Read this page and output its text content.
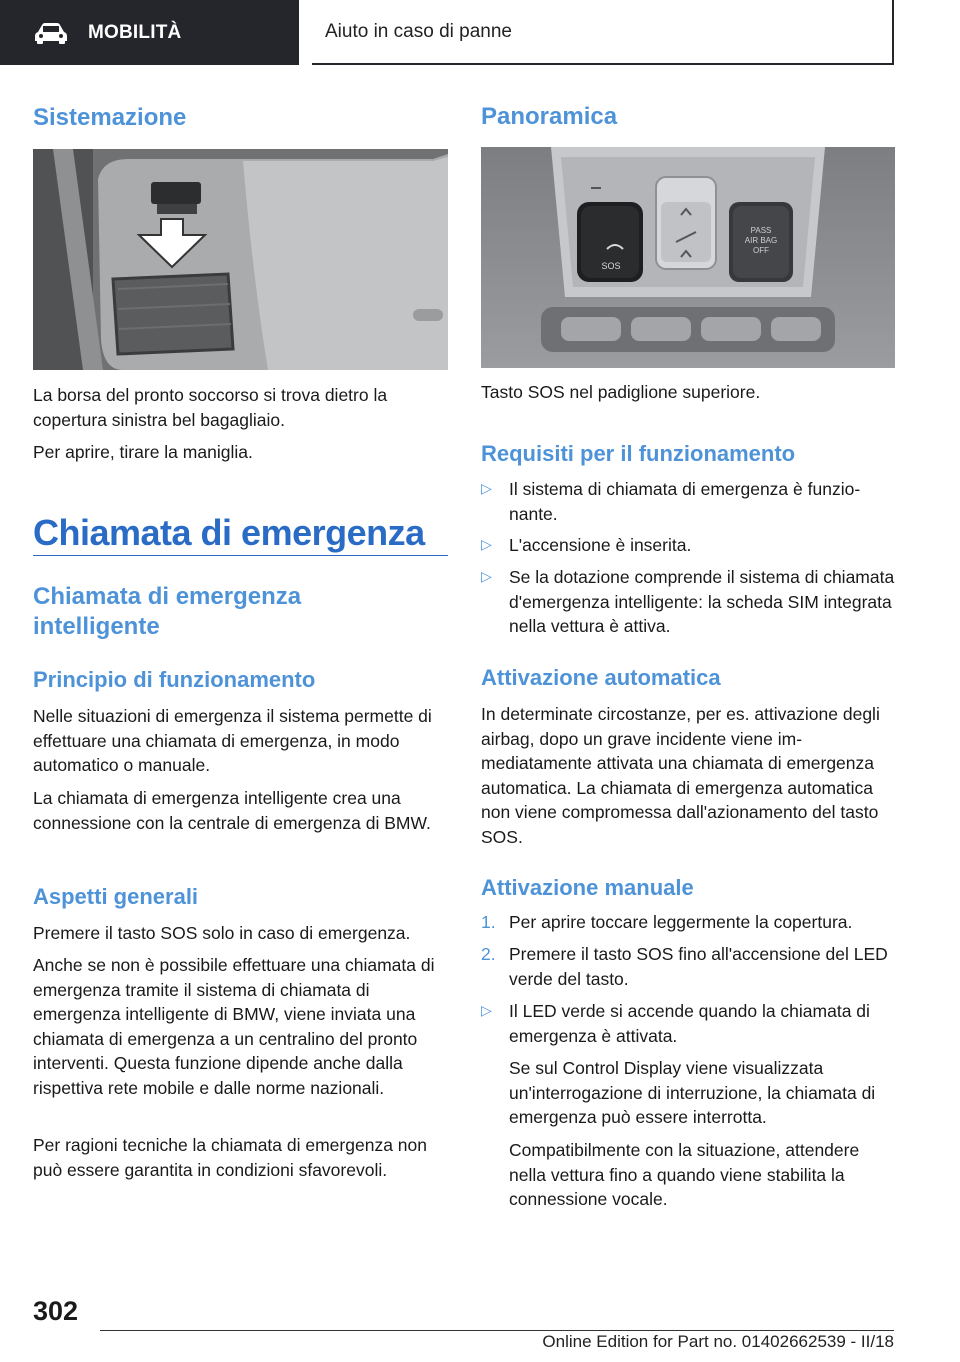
MOBILITÀ	Aiuto in caso di panne
Sistemazione

La borsa del pronto soccorso si trova dietro la copertura sinistra bel bagagliaio.

Per aprire, tirare la maniglia.

Chiamata di emergenza
Chiamata di emergenza intelligente
Principio di funzionamento

Nelle situazioni di emergenza il sistema permette di effettuare una chiamata di emergenza, in modo automatico o manuale.

La chiamata di emergenza intelligente crea una connessione con la centrale di emergenza di BMW.

Aspetti generali

Premere il tasto SOS solo in caso di emergenza.

Anche se non è possibile effettuare una chiamata di emergenza tramite il sistema di chiamata di emergenza intelligente di BMW, viene inviata una chiamata di emergenza a un centralino del pronto interventi. Questa funzione dipende anche dalla rispettiva rete mobile e dalle norme nazionali.

Per ragioni tecniche la chiamata di emergenza non può essere garantita in condizioni sfavorevoli.

Panoramica
SOS
PASS
AIR BAG
OFF

Tasto SOS nel padiglione superiore.

Requisiti per il funzionamento
▷ Il sistema di chiamata di emergenza è funzionante.
▷ L'accensione è inserita.
▷ Se la dotazione comprende il sistema di chiamata d'emergenza intelligente: la scheda SIM integrata nella vettura è attiva.
Attivazione automatica

In determinate circostanze, per es. attivazione degli airbag, dopo un grave incidente viene immediatamente attivata una chiamata di emergenza automatica. La chiamata di emergenza automatica non viene compromessa dall'azionamento del tasto SOS.

Attivazione manuale
1. Per aprire toccare leggermente la copertura.
2. Premere il tasto SOS fino all'accensione del LED verde del tasto.
▷ Il LED verde si accende quando la chiamata di emergenza è attivata.

Se sul Control Display viene visualizzata un'interrogazione di interruzione, la chiamata di emergenza può essere interrotta.

Compatibilmente con la situazione, attendere nella vettura fino a quando viene stabilita la connessione vocale.

302
Online Edition for Part no. 01402662539 - II/18
